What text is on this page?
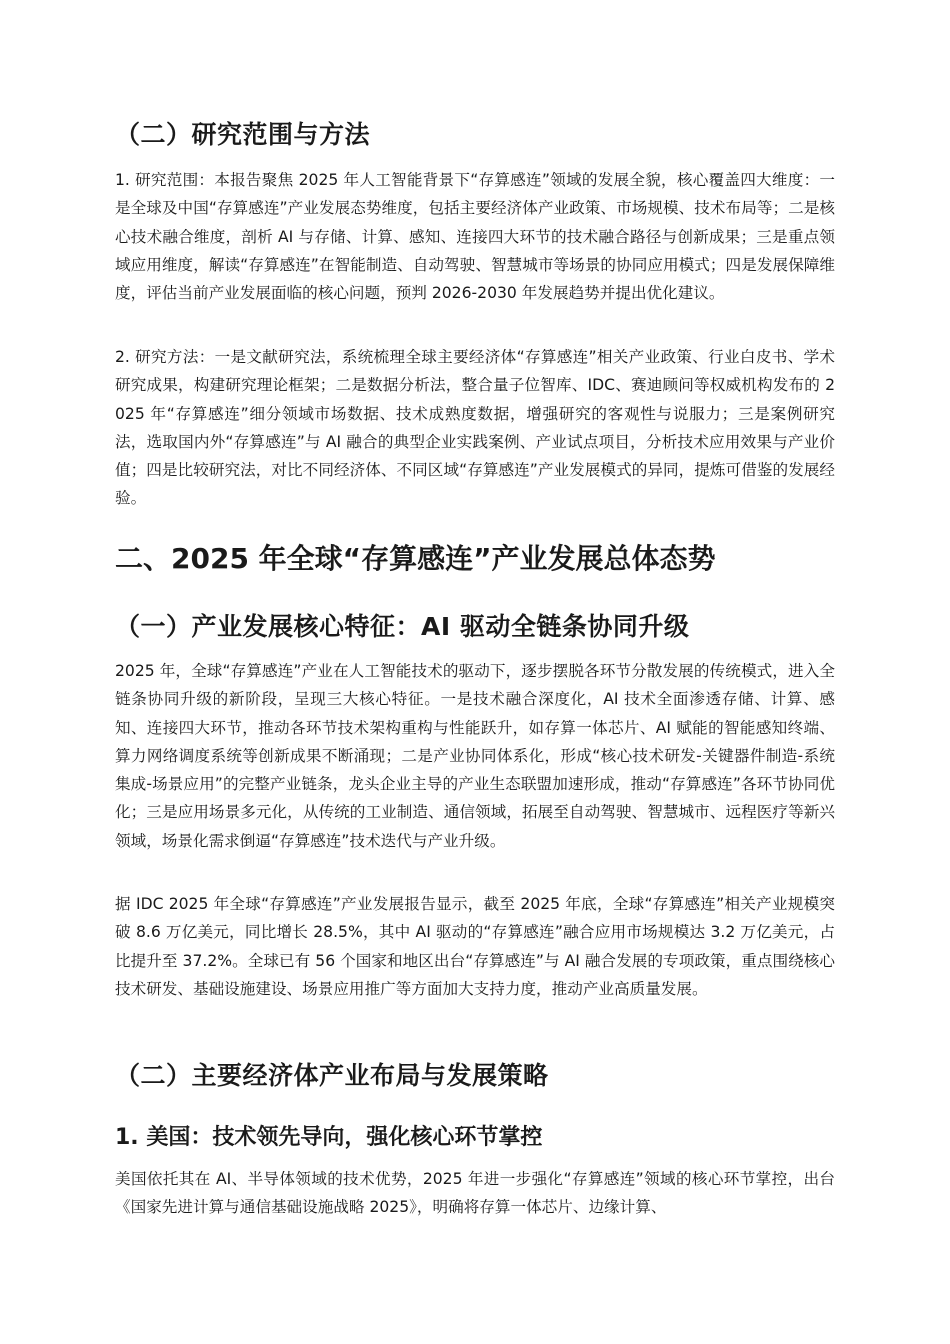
（二）研究范围与方法
1. 研究范围：本报告聚焦 2025 年人工智能背景下“存算感连”领域的发展全貌，核心覆盖四大维度：一是全球及中国“存算感连”产业发展态势维度，包括主要经济体产业政策、市场规模、技术布局等；二是核心技术融合维度，剖析 AI 与存储、计算、感知、连接四大环节的技术融合路径与创新成果；三是重点领域应用维度，解读“存算感连”在智能制造、自动驾驶、智慧城市等场景的协同应用模式；四是发展保障维度，评估当前产业发展面临的核心问题，预判 2026-2030 年发展趋势并提出优化建议。
2. 研究方法：一是文献研究法，系统梳理全球主要经济体“存算感连”相关产业政策、行业白皮书、学术研究成果，构建研究理论框架；二是数据分析法，整合量子位智库、IDC、赛迪顾问等权威机构发布的 2025 年“存算感连”细分领域市场数据、技术成熟度数据，增强研究的客观性与说服力；三是案例研究法，选取国内外“存算感连”与 AI 融合的典型企业实践案例、产业试点项目，分析技术应用效果与产业价值；四是比较研究法，对比不同经济体、不同区域“存算感连”产业发展模式的异同，提炼可借鉴的发展经验。
二、2025 年全球“存算感连”产业发展总体态势
（一）产业发展核心特征：AI 驱动全链条协同升级
2025 年，全球“存算感连”产业在人工智能技术的驱动下，逐步摆脱各环节分散发展的传统模式，进入全链条协同升级的新阶段，呈现三大核心特征。一是技术融合深度化，AI 技术全面渗透存储、计算、感知、连接四大环节，推动各环节技术架构重构与性能跃升，如存算一体芯片、AI 赋能的智能感知终端、算力网络调度系统等创新成果不断涌现；二是产业协同体系化，形成“核心技术研发-关键器件制造-系统集成-场景应用”的完整产业链条，龙头企业主导的产业生态联盟加速形成，推动“存算感连”各环节协同优化；三是应用场景多元化，从传统的工业制造、通信领域，拓展至自动驾驶、智慧城市、远程医疗等新兴领域，场景化需求倒逼“存算感连”技术迭代与产业升级。
据 IDC 2025 年全球“存算感连”产业发展报告显示，截至 2025 年底，全球“存算感连”相关产业规模突破 8.6 万亿美元，同比增长 28.5%，其中 AI 驱动的“存算感连”融合应用市场规模达 3.2 万亿美元，占比提升至 37.2%。全球已有 56 个国家和地区出台“存算感连”与 AI 融合发展的专项政策，重点围绕核心技术研发、基础设施建设、场景应用推广等方面加大支持力度，推动产业高质量发展。
（二）主要经济体产业布局与发展策略
1. 美国：技术领先导向，强化核心环节掌控
美国依托其在 AI、半导体领域的技术优势，2025 年进一步强化“存算感连”领域的核心环节掌控，出台《国家先进计算与通信基础设施战略 2025》，明确将存算一体芯片、边缘计算、
